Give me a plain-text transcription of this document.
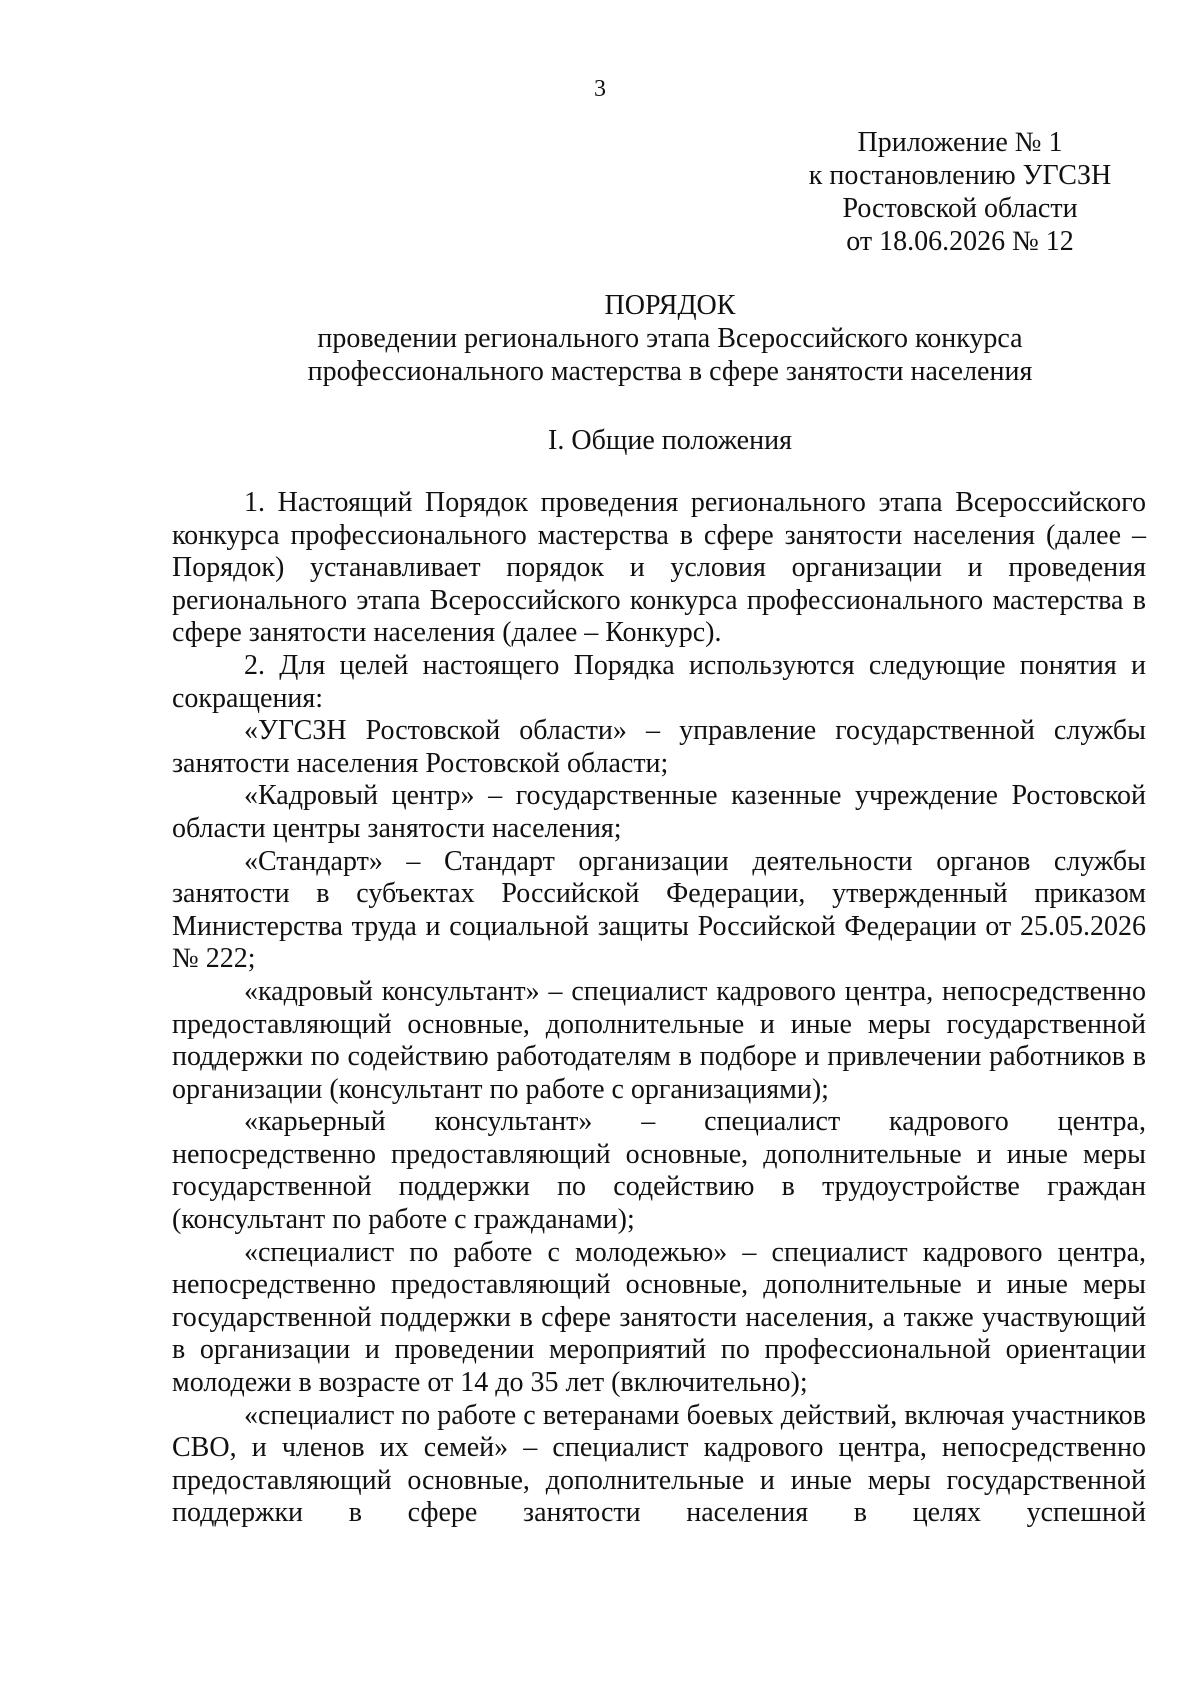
3
Приложение № 1
к постановлению УГСЗН
Ростовской области
от 18.06.2026 № 12
ПОРЯДОК
проведении регионального этапа Всероссийского конкурса
профессионального мастерства в сфере занятости населения
I. Общие положения

1. Настоящий Порядок проведения регионального этапа Всероссийского конкурса профессионального мастерства в сфере занятости населения (далее – Порядок) устанавливает порядок и условия организации и проведения регионального этапа Всероссийского конкурса профессионального мастерства в сфере занятости населения (далее – Конкурс).

2. Для целей настоящего Порядка используются следующие понятия и сокращения:

«УГСЗН Ростовской области» – управление государственной службы занятости населения Ростовской области;

«Кадровый центр» – государственные казенные учреждение Ростовской области центры занятости населения;

«Стандарт» – Стандарт организации деятельности органов службы занятости в субъектах Российской Федерации, утвержденный приказом Министерства труда и социальной защиты Российской Федерации от 25.05.2026 № 222;

«кадровый консультант» – специалист кадрового центра, непосредственно предоставляющий основные, дополнительные и иные меры государственной поддержки по содействию работодателям в подборе и привлечении работников в организации (консультант по работе с организациями);

«карьерный консультант» – специалист кадрового центра, непосредственно предоставляющий основные, дополнительные и иные меры государственной поддержки по содействию в трудоустройстве граждан (консультант по работе с гражданами);

«специалист по работе с молодежью» – специалист кадрового центра, непосредственно предоставляющий основные, дополнительные и иные меры государственной поддержки в сфере занятости населения, а также участвующий в организации и проведении мероприятий по профессиональной ориентации молодежи в возрасте от 14 до 35 лет (включительно);

«специалист по работе с ветеранами боевых действий, включая участников СВО, и членов их семей» – специалист кадрового центра, непосредственно предоставляющий основные, дополнительные и иные меры государственной поддержки в сфере занятости населения в целях успешной
